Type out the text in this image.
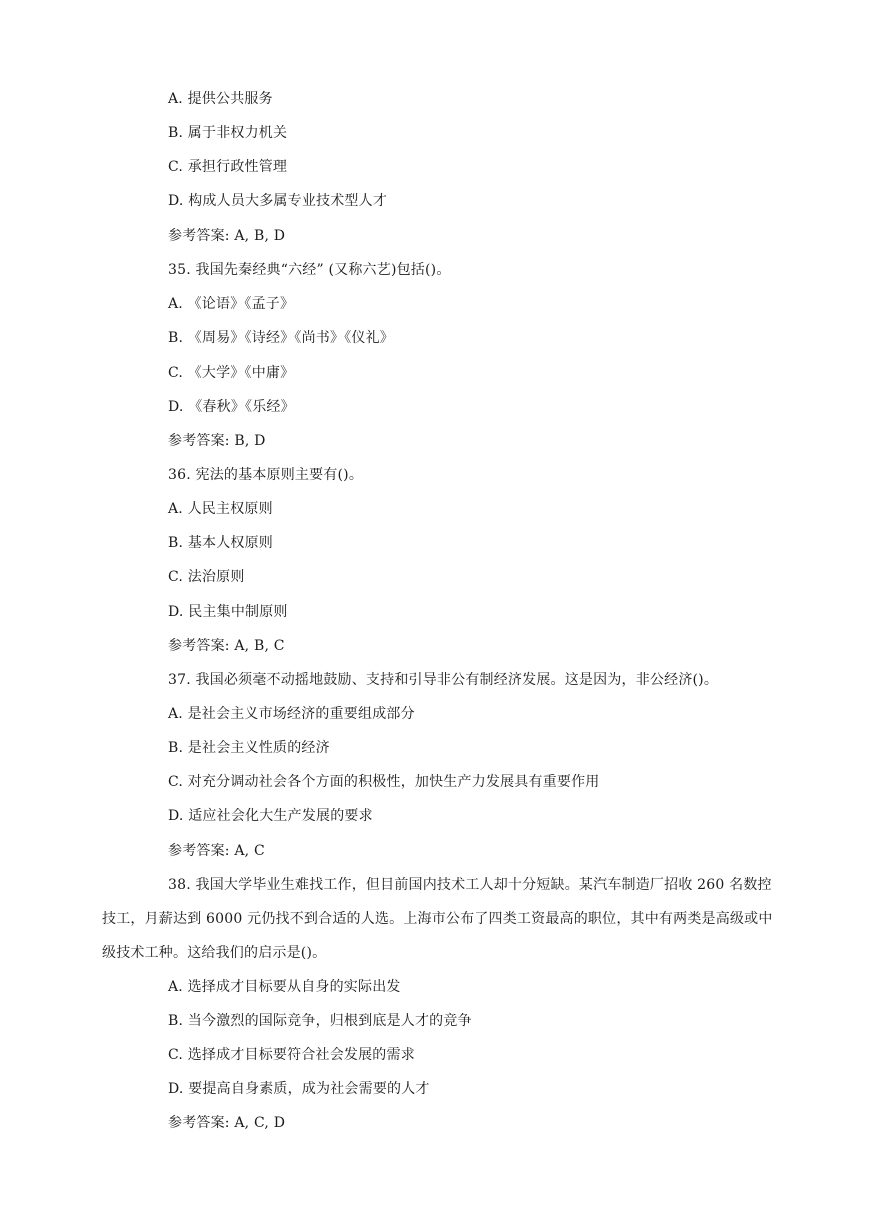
A. 提供公共服务
B. 属于非权力机关
C. 承担行政性管理
D. 构成人员大多属专业技术型人才
参考答案: A, B, D
35. 我国先秦经典“六经” (又称六艺)包括()。
A. 《论语》《孟子》
B. 《周易》《诗经》《尚书》《仪礼》
C. 《大学》《中庸》
D. 《春秋》《乐经》
参考答案: B, D
36. 宪法的基本原则主要有()。
A. 人民主权原则
B. 基本人权原则
C. 法治原则
D. 民主集中制原则
参考答案: A, B, C
37. 我国必须毫不动摇地鼓励、支持和引导非公有制经济发展。这是因为，非公经济()。
A. 是社会主义市场经济的重要组成部分
B. 是社会主义性质的经济
C. 对充分调动社会各个方面的积极性，加快生产力发展具有重要作用
D. 适应社会化大生产发展的要求
参考答案: A, C
38. 我国大学毕业生难找工作，但目前国内技术工人却十分短缺。某汽车制造厂招收 260 名数控技工，月薪达到 6000 元仍找不到合适的人选。上海市公布了四类工资最高的职位，其中有两类是高级或中级技术工种。这给我们的启示是()。
A. 选择成才目标要从自身的实际出发
B. 当今激烈的国际竞争，归根到底是人才的竞争
C. 选择成才目标要符合社会发展的需求
D. 要提高自身素质，成为社会需要的人才
参考答案: A, C, D
